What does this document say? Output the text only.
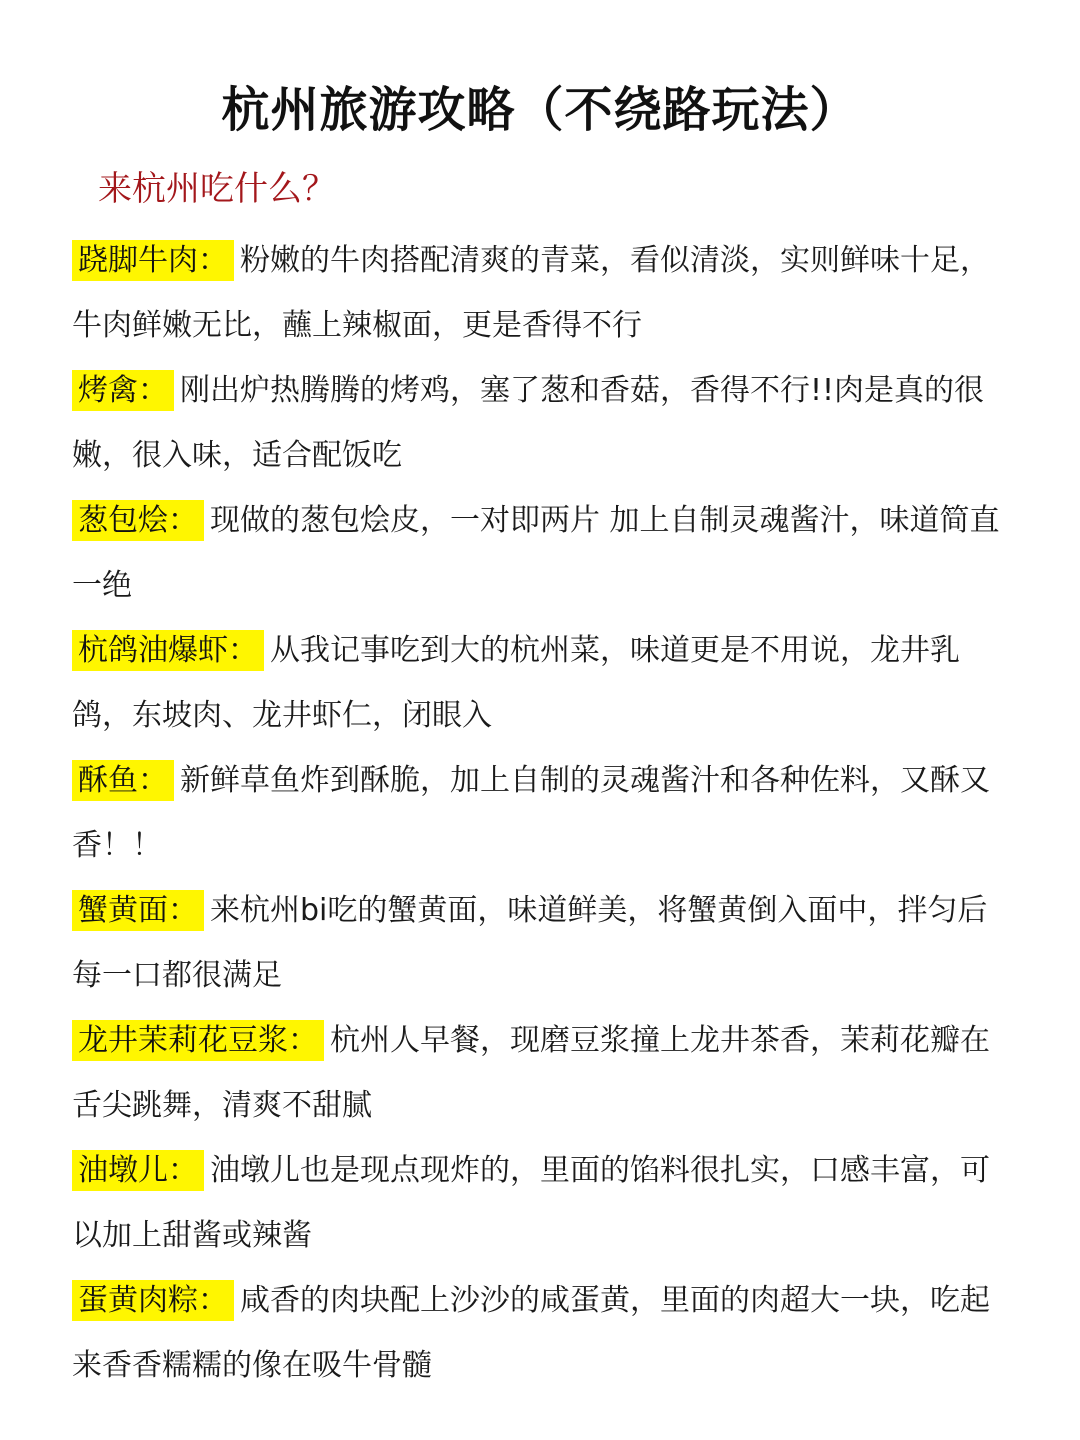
杭州旅游攻略（不绕路玩法）
来杭州吃什么？

跷脚牛肉： 粉嫩的牛肉搭配清爽的青菜，看似清淡，实则鲜味十足，牛肉鲜嫩无比，蘸上辣椒面，更是香得不行

烤禽： 刚出炉热腾腾的烤鸡，塞了葱和香菇，香得不行!!肉是真的很嫩，很入味，适合配饭吃

葱包烩： 现做的葱包烩皮，一对即两片 加上自制灵魂酱汁，味道简直一绝

杭鸽油爆虾： 从我记事吃到大的杭州菜，味道更是不用说，龙井乳鸽，东坡肉、龙井虾仁，闭眼入

酥鱼： 新鲜草鱼炸到酥脆，加上自制的灵魂酱汁和各种佐料，又酥又香！！

蟹黄面： 来杭州bi吃的蟹黄面，味道鲜美，将蟹黄倒入面中，拌匀后每一口都很满足

龙井茉莉花豆浆： 杭州人早餐，现磨豆浆撞上龙井茶香，茉莉花瓣在舌尖跳舞，清爽不甜腻

油墩儿： 油墩儿也是现点现炸的，里面的馅料很扎实，口感丰富，可以加上甜酱或辣酱

蛋黄肉粽： 咸香的肉块配上沙沙的咸蛋黄，里面的肉超大一块，吃起来香香糯糯的像在吸牛骨髓
